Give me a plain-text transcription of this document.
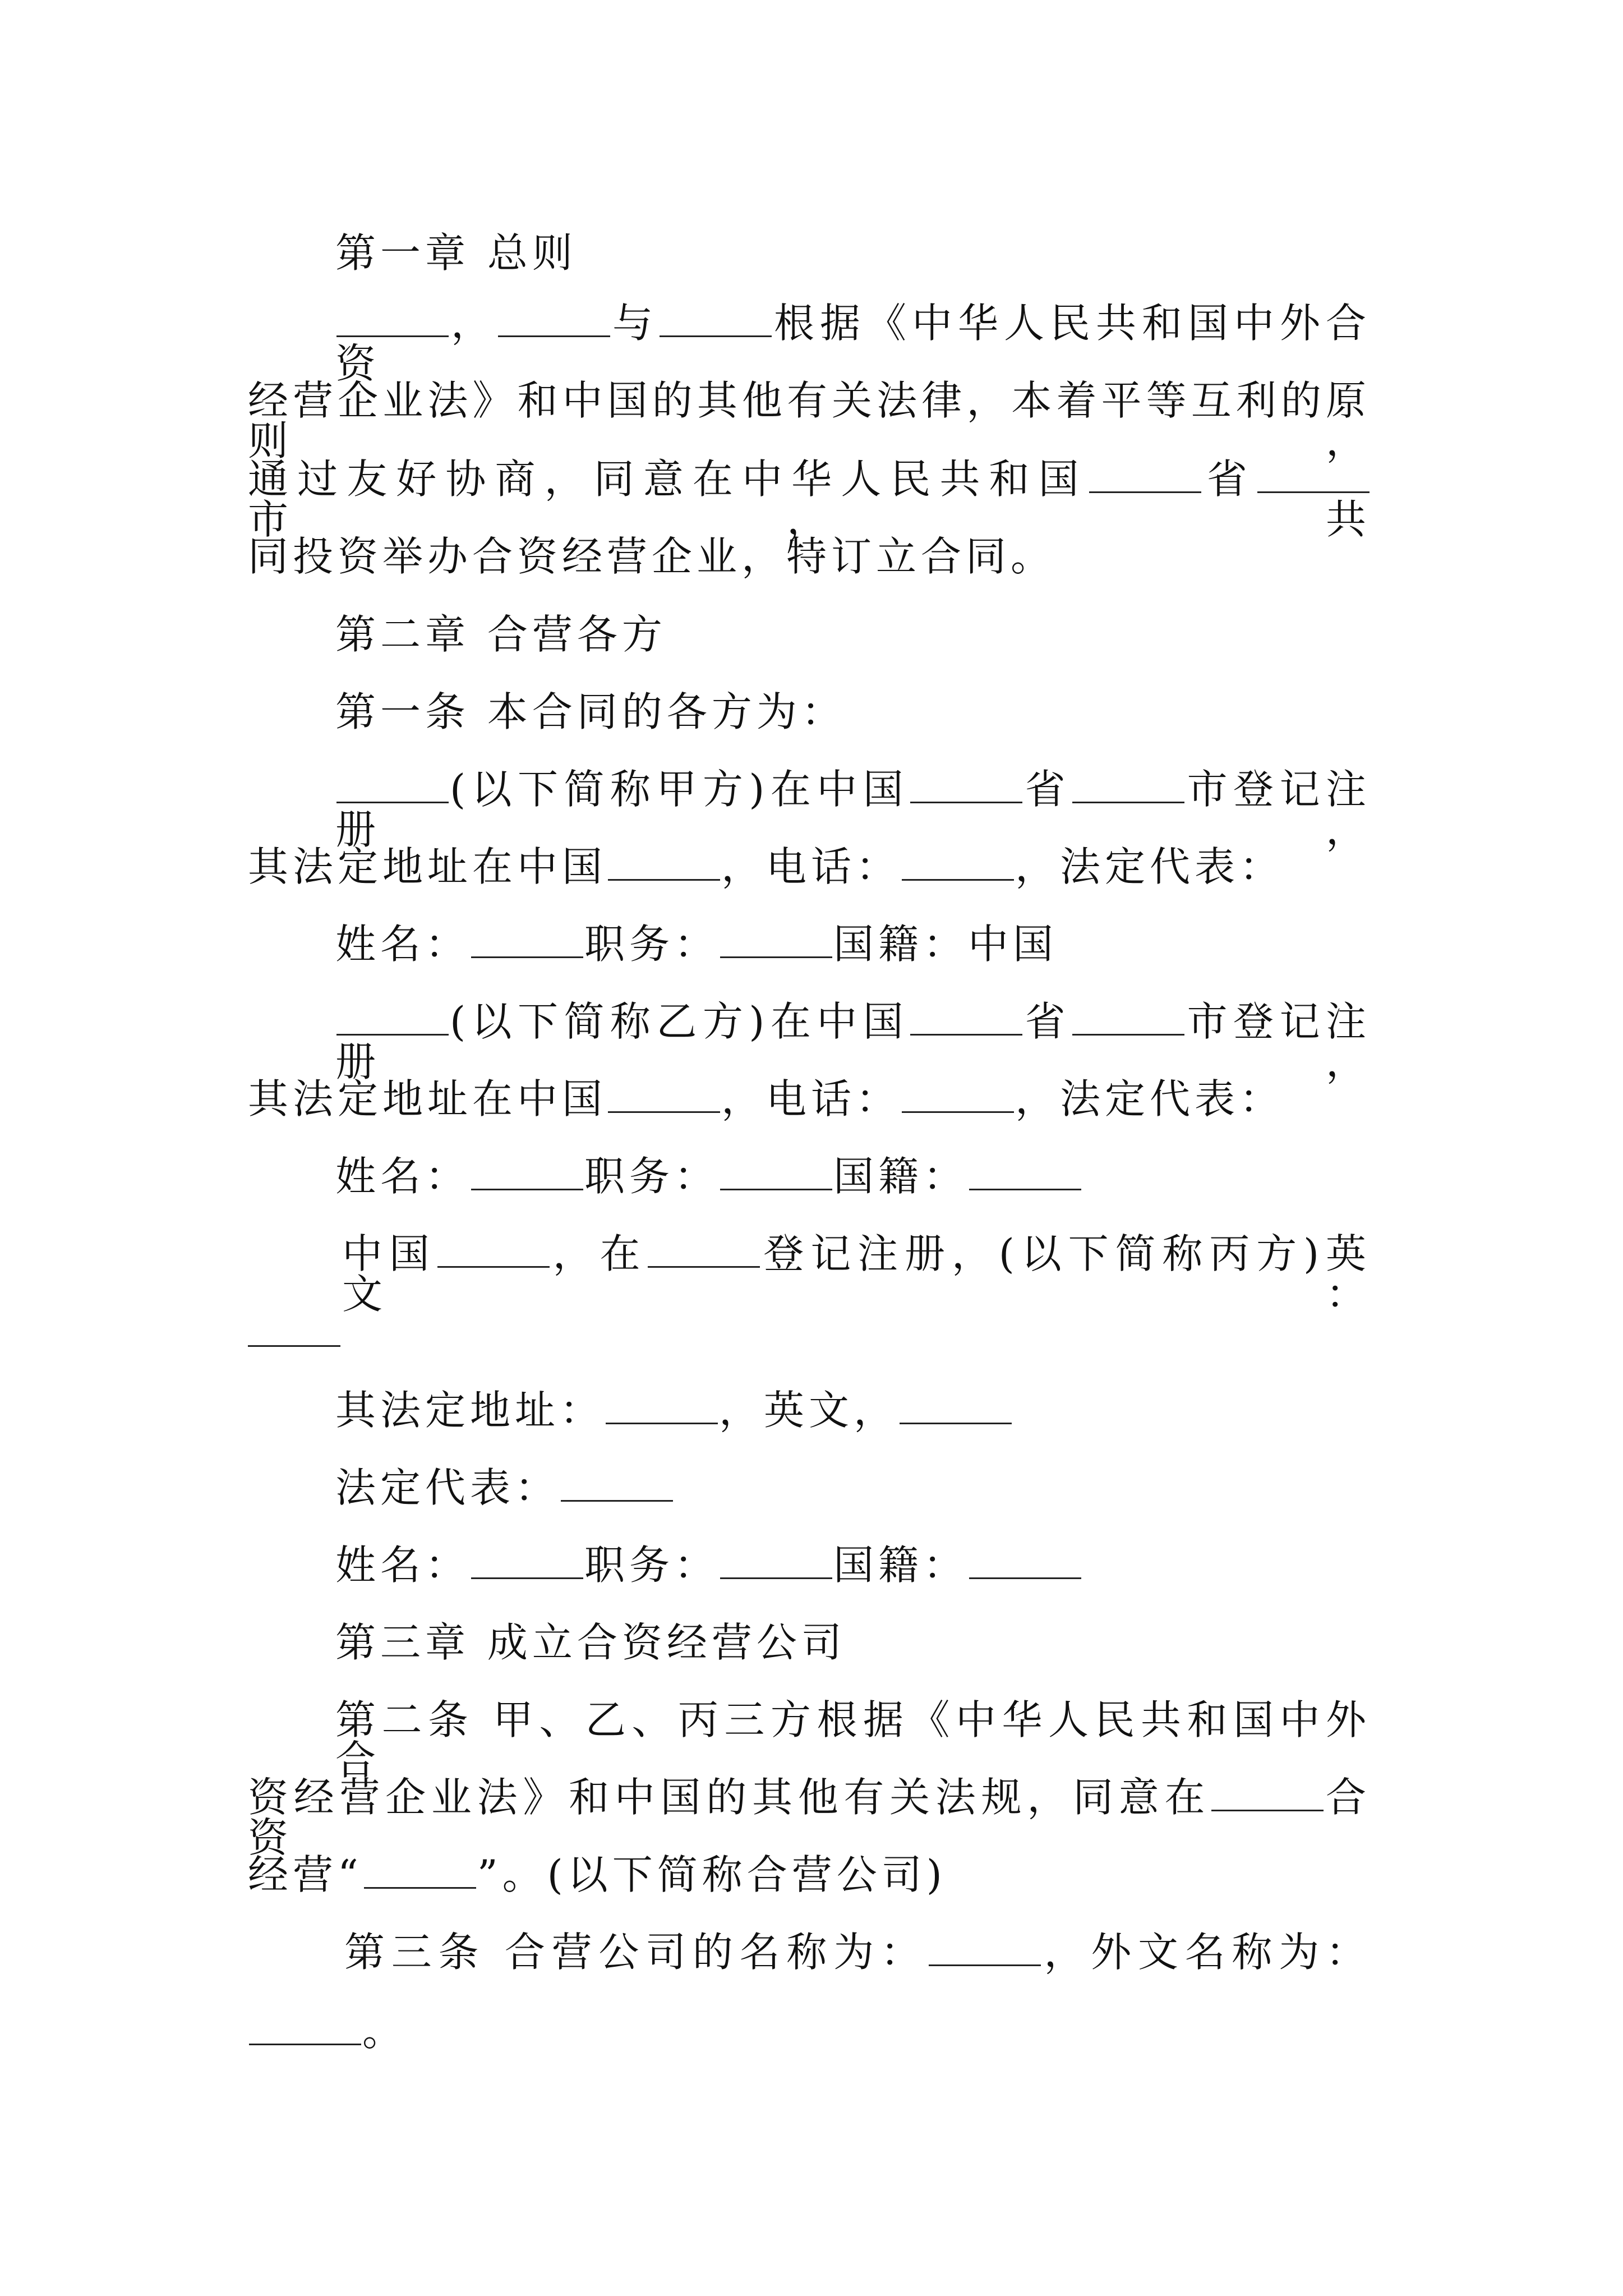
第一章 总则
，	与	根据《中华人民共和国中外合资
经营企业法》和中国的其他有关法律，本着平等互利的原则，
通过友好协商，同意在中华人民共和国	省市，共
同投资举办合资经营企业，特订立合同。
第二章 合营各方
第一条 本合同的各方为：
(以下简称甲方)在中国	省	市登记注册，
其法定地址在中国	，电话：	，法定代表：
姓名：	职务：	国籍：中国
(以下简称乙方)在中国	省	市登记注册，
其法定地址在中国	，电话：	，法定代表：
姓名：	职务：	国籍：
中国	，在	登记注册，(以下简称丙方)英文：
其法定地址：	，英文，
法定代表：
姓名：	职务：	国籍：
第三章 成立合资经营公司
第二条 甲、乙、丙三方根据《中华人民共和国中外合
资经营企业法》和中国的其他有关法规，同意在	合资
经营“	”。(以下简称合营公司)
第三条 合营公司的名称为：	，外文名称为：
。
